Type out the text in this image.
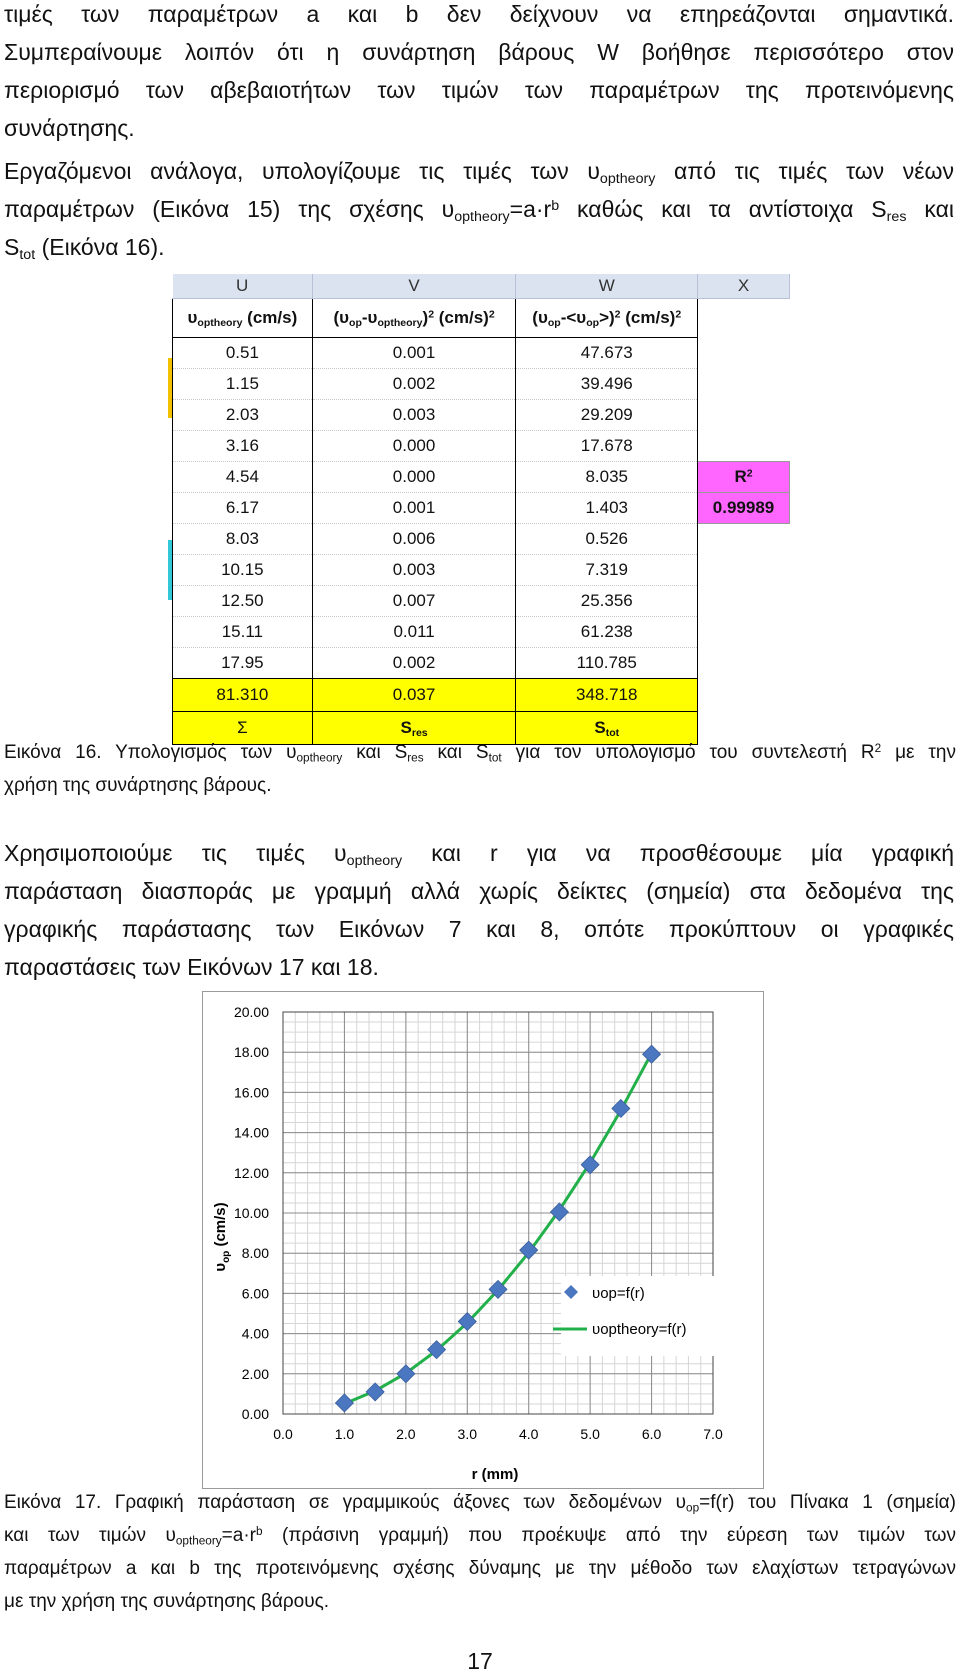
τιμές των παραμέτρων a και b δεν δείχνουν να επηρεάζονται σημαντικά.

Συμπεραίνουμε λοιπόν ότι η συνάρτηση βάρους W βοήθησε περισσότερο στον

περιορισμό των αβεβαιοτήτων των τιμών των παραμέτρων της προτεινόμενης

συνάρτησης.

Εργαζόμενοι ανάλογα, υπολογίζουμε τις τιμές των $\upsilon_{optheory}$ από τις τιμές των νέων

παραμέτρων (Εικόνα 15) της σχέσης $\upsilon_{optheory}=a\cdot r^b$ καθώς και τα αντίστοιχα $S_{res}$ και

$S_{tot}$ (Εικόνα 16).

U	V	W	X
$\upsilon_{optheory}$ (cm/s)	$(\upsilon_{op}-\upsilon_{optheory})^2$ $(cm/s)^2$	$(\upsilon_{op}-<\upsilon_{op}>)^2$ $(cm/s)^2$	
0.51	0.001	47.673	
1.15	0.002	39.496	
2.03	0.003	29.209	
3.16	0.000	17.678	
4.54	0.000	8.035	$R^2$
6.17	0.001	1.403	0.99989
8.03	0.006	0.526	
10.15	0.003	7.319	
12.50	0.007	25.356	
15.11	0.011	61.238	
17.95	0.002	110.785	
81.310	0.037	348.718	
Σ	$S_{res}$	$S_{tot}$	

Εικόνα 16. Υπολογισμός των $\upsilon_{optheory}$ και $S_{res}$ και $S_{tot}$ για τον υπολογισμό του συντελεστή $R^2$ με την

χρήση της συνάρτησης βάρους.

Χρησιμοποιούμε τις τιμές $\upsilon_{optheory}$ και r για να προσθέσουμε μία γραφική

παράσταση διασποράς με γραμμή αλλά χωρίς δείκτες (σημεία) στα δεδομένα της

γραφικής παράστασης των Εικόνων 7 και 8, οπότε προκύπτουν οι γραφικές

παραστάσεις των Εικόνων 17 και 18.

0.00
2.00
4.00
6.00
8.00
10.00
12.00
14.00
16.00
18.00
20.00
0.0	1.0	2.0	3.0	4.0	5.0	6.0	7.0
r (mm)
$\upsilon_{op}$ (cm/s)
υop=f(r)
υoptheory=f(r)

Εικόνα 17. Γραφική παράσταση σε γραμμικούς άξονες των δεδομένων $\upsilon_{op}=f(r)$ του Πίνακα 1 (σημεία)

και των τιμών $\upsilon_{optheory}=a\cdot r^b$ (πράσινη γραμμή) που προέκυψε από την εύρεση των τιμών των

παραμέτρων a και b της προτεινόμενης σχέσης δύναμης με την μέθοδο των ελαχίστων τετραγώνων

με την χρήση της συνάρτησης βάρους.

17
